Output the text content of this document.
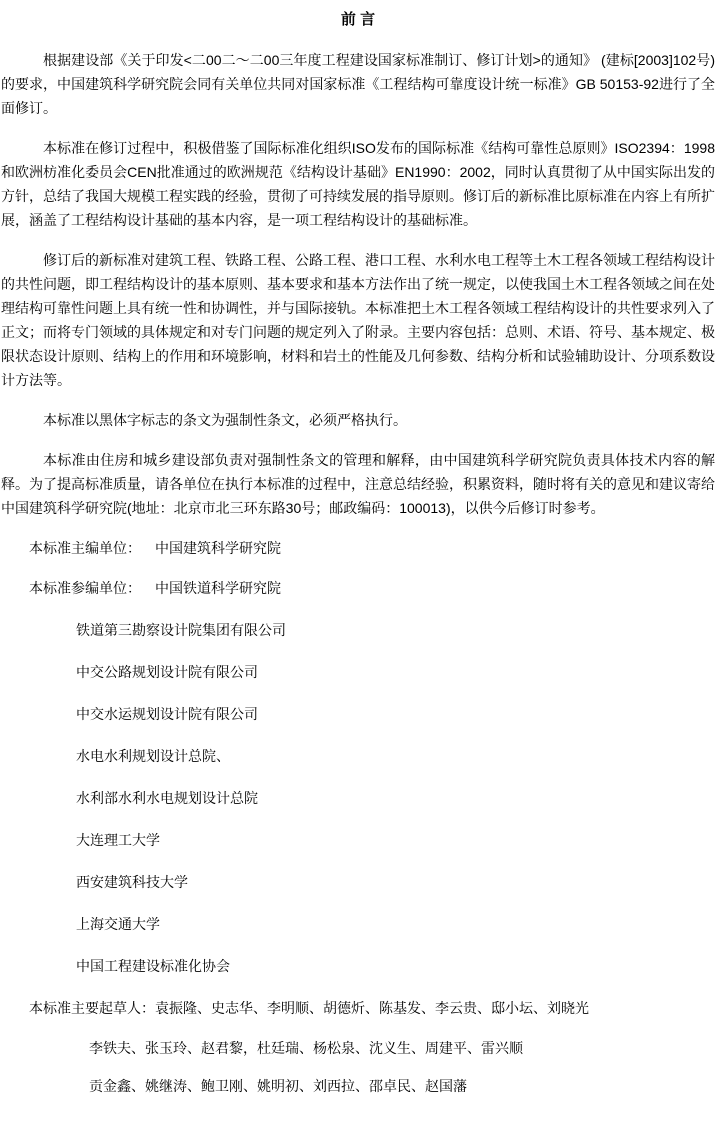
前 言

根据建设部《关于印发<二00二～二00三年度工程建设国家标准制订、修订计划>的通知》 (建标[2003]102号)的要求，中国建筑科学研究院会同有关单位共同对国家标准《工程结构可靠度设计统一标准》GB 50153-92进行了全面修订。

本标准在修订过程中，积极借鉴了国际标准化组织ISO发布的国际标准《结构可靠性总原则》ISO2394：1998和欧洲枋准化委员会CEN批准通过的欧洲规范《结构设计基础》EN1990：2002，同时认真贯彻了从中国实际出发的方针，总结了我国大规模工程实践的经验，贯彻了可持续发展的指导原则。修订后的新标准比原标准在内容上有所扩展，涵盖了工程结构设计基础的基本内容，是一项工程结构设计的基础标准。

修订后的新标准对建筑工程、铁路工程、公路工程、港口工程、水利水电工程等土木工程各领域工程结构设计的共性问题，即工程结构设计的基本原则、基本要求和基本方法作出了统一规定，以使我国土木工程各领域之间在处理结构可靠性问题上具有统一性和协调性，并与国际接轨。本标准把土木工程各领域工程结构设计的共性要求列入了正文；而将专门领域的具体规定和对专门问题的规定列入了附录。主要内容包括：总则、术语、符号、基本规定、极限状态设计原则、结构上的作用和环境影响，材料和岩土的性能及几何参数、结构分析和试验辅助设计、分项系数设计方法等。

本标准以黑体字标志的条文为强制性条文，必须严格执行。

本标准由住房和城乡建设部负责对强制性条文的管理和解释，由中国建筑科学研究院负责具体技术内容的解释。为了提高标准质量，请各单位在执行本标准的过程中，注意总结经验，积累资料，随时将有关的意见和建议寄给中国建筑科学研究院(地址：北京市北三环东路30号；邮政编码：100013)，以供今后修订时参考。

本标准主编单位： 中国建筑科学研究院

本标准参编单位： 中国铁道科学研究院

铁道第三勘察设计院集团有限公司

中交公路规划设计院有限公司

中交水运规划设计院有限公司

水电水利规划设计总院、

水利部水利水电规划设计总院

大连理工大学

西安建筑科技大学

上海交通大学

中国工程建设标准化协会

本标准主要起草人：袁振隆、史志华、李明顺、胡德炘、陈基发、李云贵、邸小坛、刘晓光

李铁夫、张玉玲、赵君黎，杜廷瑞、杨松泉、沈义生、周建平、雷兴顺

贡金鑫、姚继涛、鲍卫刚、姚明初、刘西拉、邵卓民、赵国藩
